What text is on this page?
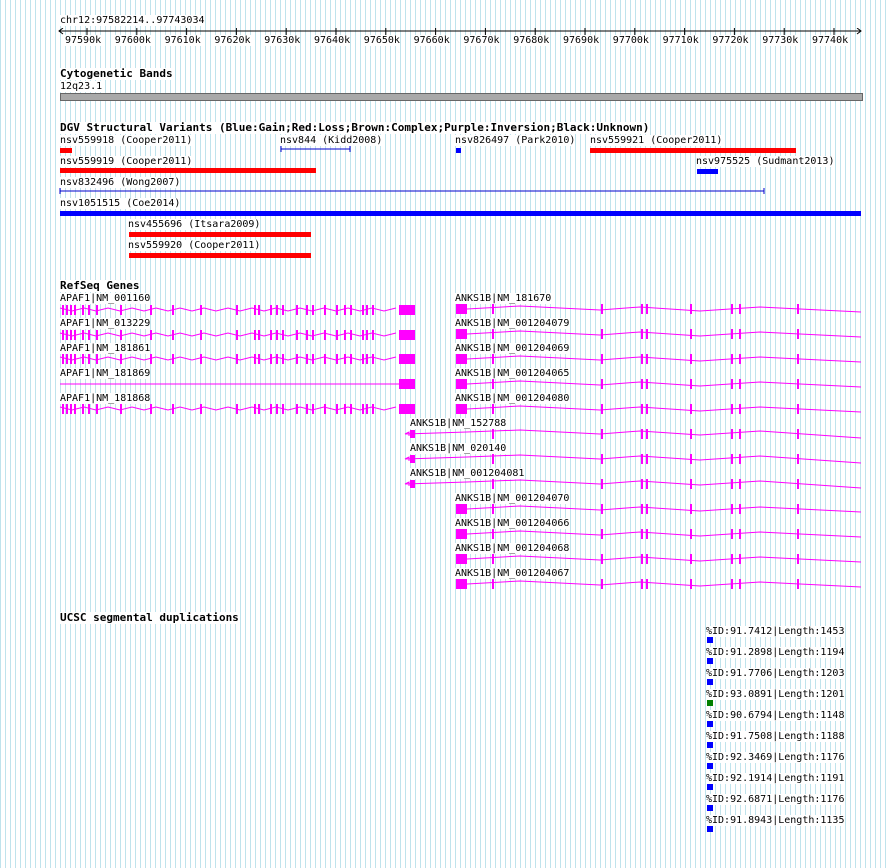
chr12:97582214..97743034
97590k 97600k 97610k 97620k 97630k 97640k 97650k 97660k 97670k 97680k 97690k 97700k 97710k 97720k 97730k 97740k
Cytogenetic Bands
12q23.1
DGV Structural Variants (Blue:Gain;Red:Loss;Brown:Complex;Purple:Inversion;Black:Unknown)
RefSeq Genes
UCSC segmental duplications
nsv559918 (Cooper2011)	nsv844 (Kidd2008)	nsv826497 (Park2010) nsv559921 (Cooper2011)
nsv559919 (Cooper2011)	nsv975525 (Sudmant2013)
nsv832496 (Wong2007)
nsv1051515 (Coe2014)
nsv455696 (Itsara2009)
nsv559920 (Cooper2011)
APAF1|NM_001160
APAF1|NM_013229
APAF1|NM_181861
APAF1|NM_181869
APAF1|NM_181868
ANKS1B|NM_181670
ANKS1B|NM_001204079
ANKS1B|NM_001204069
ANKS1B|NM_001204065
ANKS1B|NM_001204080
ANKS1B|NM_152788
ANKS1B|NM_020140
ANKS1B|NM_001204081
ANKS1B|NM_001204070
ANKS1B|NM_001204066
ANKS1B|NM_001204068
ANKS1B|NM_001204067
%ID:91.7412|Length:1453
%ID:91.2898|Length:1194
%ID:91.7706|Length:1203
%ID:93.0891|Length:1201
%ID:90.6794|Length:1148
%ID:91.7508|Length:1188
%ID:92.3469|Length:1176
%ID:92.1914|Length:1191
%ID:92.6871|Length:1176
%ID:91.8943|Length:1135
